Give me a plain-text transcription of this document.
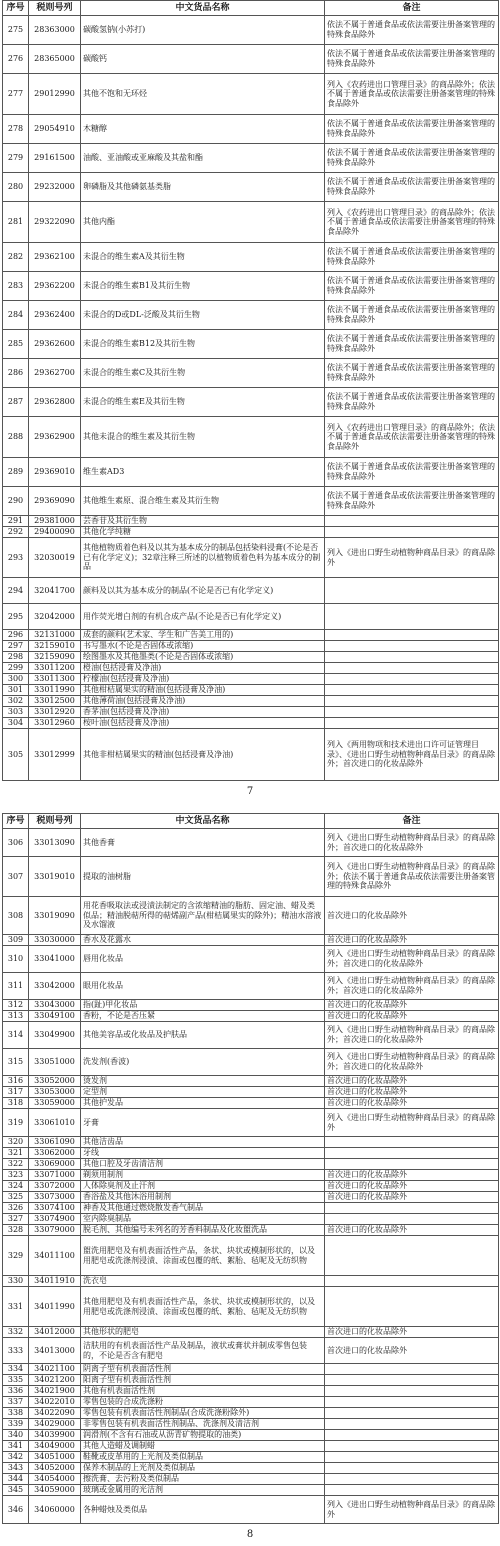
序号	税则号列	中文货品名称	备注
275	28363000	碳酸氢钠(小苏打)	依法不属于普通食品或依法需要注册备案管理的特殊食品除外
276	28365000	碳酸钙	依法不属于普通食品或依法需要注册备案管理的特殊食品除外
277	29012990	其他不饱和无环烃	列入《农药进出口管理目录》的商品除外；依法不属于普通食品或依法需要注册备案管理的特殊食品除外
278	29054910	木糖醇	依法不属于普通食品或依法需要注册备案管理的特殊食品除外
279	29161500	油酸、亚油酸或亚麻酸及其盐和酯	依法不属于普通食品或依法需要注册备案管理的特殊食品除外
280	29232000	卵磷脂及其他磷氨基类脂	依法不属于普通食品或依法需要注册备案管理的特殊食品除外
281	29322090	其他内酯	列入《农药进出口管理目录》的商品除外；依法不属于普通食品或依法需要注册备案管理的特殊食品除外
282	29362100	未混合的维生素A及其衍生物	依法不属于普通食品或依法需要注册备案管理的特殊食品除外
283	29362200	未混合的维生素B1及其衍生物	依法不属于普通食品或依法需要注册备案管理的特殊食品除外
284	29362400	未混合的D或DL-泛酸及其衍生物	依法不属于普通食品或依法需要注册备案管理的特殊食品除外
285	29362600	未混合的维生素B12及其衍生物	依法不属于普通食品或依法需要注册备案管理的特殊食品除外
286	29362700	未混合的维生素C及其衍生物	依法不属于普通食品或依法需要注册备案管理的特殊食品除外
287	29362800	未混合的维生素E及其衍生物	依法不属于普通食品或依法需要注册备案管理的特殊食品除外
288	29362900	其他未混合的维生素及其衍生物	列入《农药进出口管理目录》的商品除外；依法不属于普通食品或依法需要注册备案管理的特殊食品除外
289	29369010	维生素AD3	依法不属于普通食品或依法需要注册备案管理的特殊食品除外
290	29369090	其他维生素原、混合维生素及其衍生物	依法不属于普通食品或依法需要注册备案管理的特殊食品除外
291	29381000	芸香苷及其衍生物	
292	29400090	其他化学纯糖	
293	32030019	其他植物质着色料及以其为基本成分的制品包括染料浸膏(不论是否已有化学定义)；32章注释三所述的以植物质着色料为基本成分的制品	列入《进出口野生动植物种商品目录》的商品除外
294	32041700	颜料及以其为基本成分的制品(不论是否已有化学定义)	
295	32042000	用作荧光增白剂的有机合成产品(不论是否已有化学定义)	
296	32131000	成套的颜料(艺术家、学生和广告美工用的)	
297	32159010	书写墨水(不论是否固体或浓缩)	
298	32159090	绘图墨水及其他墨类(不论是否固体或浓缩)	
299	33011200	橙油(包括浸膏及净油)	
300	33011300	柠檬油(包括浸膏及净油)	
301	33011990	其他柑桔属果实的精油(包括浸膏及净油)	
302	33012500	其他薄荷油(包括浸膏及净油)	
303	33012920	香茅油(包括浸膏及净油)	
304	33012960	桉叶油(包括浸膏及净油)	
305	33012999	其他非柑桔属果实的精油(包括浸膏及净油)	列入《两用物项和技术进出口许可证管理目录》、《进出口野生动植物种商品目录》的商品除外；首次进口的化妆品除外
7
序号	税则号列	中文货品名称	备注
306	33013090	其他香膏	列入《进出口野生动植物种商品目录》的商品除外；首次进口的化妆品除外
307	33019010	提取的油树脂	列入《进出口野生动植物种商品目录》的商品除外；依法不属于普通食品或依法需要注册备案管理的特殊食品除外
308	33019090	用花香吸取法或浸渍法制定的含浓缩精油的脂肪、固定油、蜡及类似品；精油脱萜所得的萜烯副产品(柑桔属果实的除外)；精油水溶液及水馏液	首次进口的化妆品除外
309	33030000	香水及花露水	首次进口的化妆品除外
310	33041000	唇用化妆品	列入《进出口野生动植物种商品目录》的商品除外；首次进口的化妆品除外
311	33042000	眼用化妆品	列入《进出口野生动植物种商品目录》的商品除外；首次进口的化妆品除外
312	33043000	指(趾)甲化妆品	首次进口的化妆品除外
313	33049100	香粉，不论是否压紧	首次进口的化妆品除外
314	33049900	其他美容品或化妆品及护肤品	列入《进出口野生动植物种商品目录》的商品除外；首次进口的化妆品除外
315	33051000	洗发剂(香波)	列入《进出口野生动植物种商品目录》的商品除外；首次进口的化妆品除外
316	33052000	烫发剂	首次进口的化妆品除外
317	33053000	定型剂	首次进口的化妆品除外
318	33059000	其他护发品	首次进口的化妆品除外
319	33061010	牙膏	列入《进出口野生动植物种商品目录》的商品除外
320	33061090	其他洁齿品	
321	33062000	牙线	
322	33069000	其他口腔及牙齿清洁剂	
323	33071000	剃须用制剂	首次进口的化妆品除外
324	33072000	人体除臭剂及止汗剂	首次进口的化妆品除外
325	33073000	香浴盐及其他沐浴用制剂	首次进口的化妆品除外
326	33074100	神香及其他通过燃烧散发香气制品	
327	33074900	室内除臭制品	
328	33079000	脱毛剂、其他编号未列名的芳香料制品及化妆盥洗品	首次进口的化妆品除外
329	34011100	盥洗用肥皂及有机表面活性产品，条状、块状或模制形状的，以及用肥皂或洗涤剂浸渍、涂面或包覆的纸、絮胎、毡呢及无纺织物	
330	34011910	洗衣皂	
331	34011990	其他用肥皂及有机表面活性产品，条状、块状或模制形状的，以及用肥皂或洗涤剂浸渍、涂面或包覆的纸、絮胎、毡呢及无纺织物	
332	34012000	其他形状的肥皂	首次进口的化妆品除外
333	34013000	洁肤用的有机表面活性产品及制品，液状或膏状并制成零售包装的，不论是否含有肥皂	首次进口的化妆品除外
334	34021100	阴离子型有机表面活性剂	
335	34021200	阳离子型有机表面活性剂	
336	34021900	其他有机表面活性剂	
337	34022010	零售包装的合成洗涤粉	
338	34022090	零售包装有机表面活性剂制品(合成洗涤粉除外)	
339	34029000	非零售包装有机表面活性剂制品、洗涤剂及清洁剂	
340	34039900	润滑剂(不含有石油或从沥青矿物提取的油类)	
341	34049000	其他人造蜡及调制蜡	
342	34051000	鞋靴或皮革用的上光剂及类似制品	
343	34052000	保养木制品的上光剂及类似制品	
344	34054000	擦洗膏、去污粉及类似制品	
345	34059000	玻璃或金属用的光洁剂	
346	34060000	各种蜡烛及类似品	列入《进出口野生动植物种商品目录》的商品除外
8
